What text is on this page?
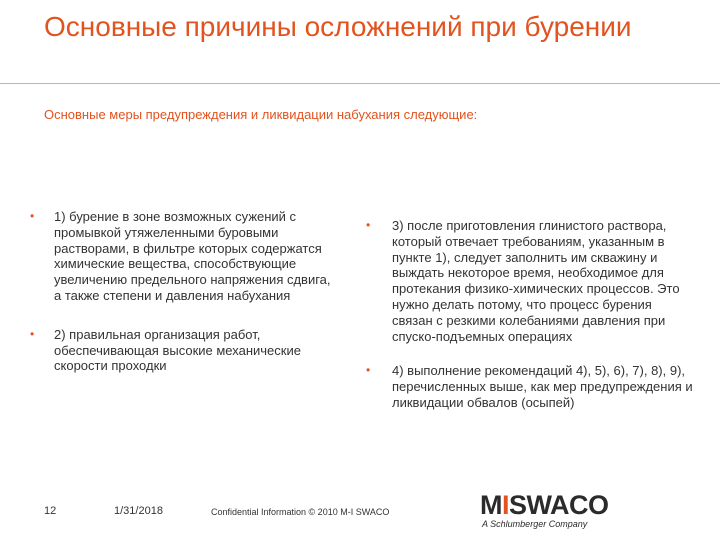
Основные причины осложнений при бурении
Основные меры предупреждения и ликвидации набухания следующие:
• 1) бурение в зоне возможных сужений с промывкой утяжеленными буровыми растворами, в фильтре которых содержатся химические вещества, способствующие увеличению предельного напряжения сдвига, а также степени и давления набухания
• 2) правильная организация работ, обеспечивающая высокие механические скорости проходки
• 3) после приготовления глинистого раствора, который отвечает требованиям, указанным в пункте 1), следует заполнить им скважину и выждать некоторое время, необходимое для протекания физико-химических процессов. Это нужно делать потому, что процесс бурения связан с резкими колебаниями давления при спуско-подъемных операциях
• 4) выполнение рекомендаций 4), 5), 6), 7), 8), 9), перечисленных выше, как мер предупреждения и ликвидации обвалов (осыпей)
12	1/31/2018	Confidential Information © 2010 M-I SWACO	MISWACO
A Schlumberger Company
